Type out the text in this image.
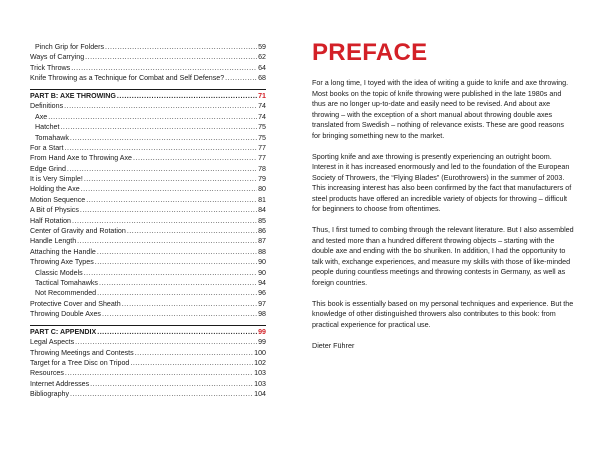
Pinch Grip for Folders .....	59
Ways of Carrying .....	62
Trick Throws .....	64
Knife Throwing as a Technique for Combat and Self Defense? .....	68
PART B: AXE THROWING .....	71
Definitions .....	74
Axe .....	74
Hatchet .....	75
Tomahawk .....	75
For a Start .....	77
From Hand Axe to Throwing Axe .....	77
Edge Grind .....	78
It is Very Simple! .....	79
Holding the Axe .....	80
Motion Sequence .....	81
A Bit of Physics .....	84
Half Rotation .....	85
Center of Gravity and Rotation .....	86
Handle Length .....	87
Attaching the Handle .....	88
Throwing Axe Types .....	90
Classic Models .....	90
Tactical Tomahawks .....	94
Not Recommended .....	96
Protective Cover and Sheath .....	97
Throwing Double Axes .....	98
PART C: APPENDIX .....	99
Legal Aspects .....	99
Throwing Meetings and Contests .....	100
Target for a Tree Disc on Tripod .....	102
Resources .....	103
Internet Addresses .....	103
Bibliography .....	104
PREFACE

For a long time, I toyed with the idea of writing a guide to knife and axe throwing. Most books on the topic of knife throwing were published in the late 1980s and thus are no longer up-to-date and easily need to be revised. And about axe throwing – with the exception of a short manual about throwing double axes translated from Swedish – nothing of relevance exists. These are good reasons for bringing something new to the market.

Sporting knife and axe throwing is presently experiencing an outright boom. Interest in it has increased enormously and led to the foundation of the European Society of Throwers, the “Flying Blades” (Eurothrowers) in the summer of 2003. This increasing interest has also been confirmed by the fact that manufacturers of steel products have offered an incredible variety of objects for throwing – difficult for beginners to choose from oftentimes.

Thus, I first turned to combing through the relevant literature. But I also assembled and tested more than a hundred different throwing objects – starting with the double axe and ending with the bo shuriken. In addition, I had the opportunity to talk with, exchange experiences, and measure my skills with those of like-minded people during countless meetings and throwing contests in Germany, as well as foreign countries.

This book is essentially based on my personal techniques and experience. But the knowledge of other distinguished throwers also contributes to this book: from practical experience for practical use.

Dieter Führer
